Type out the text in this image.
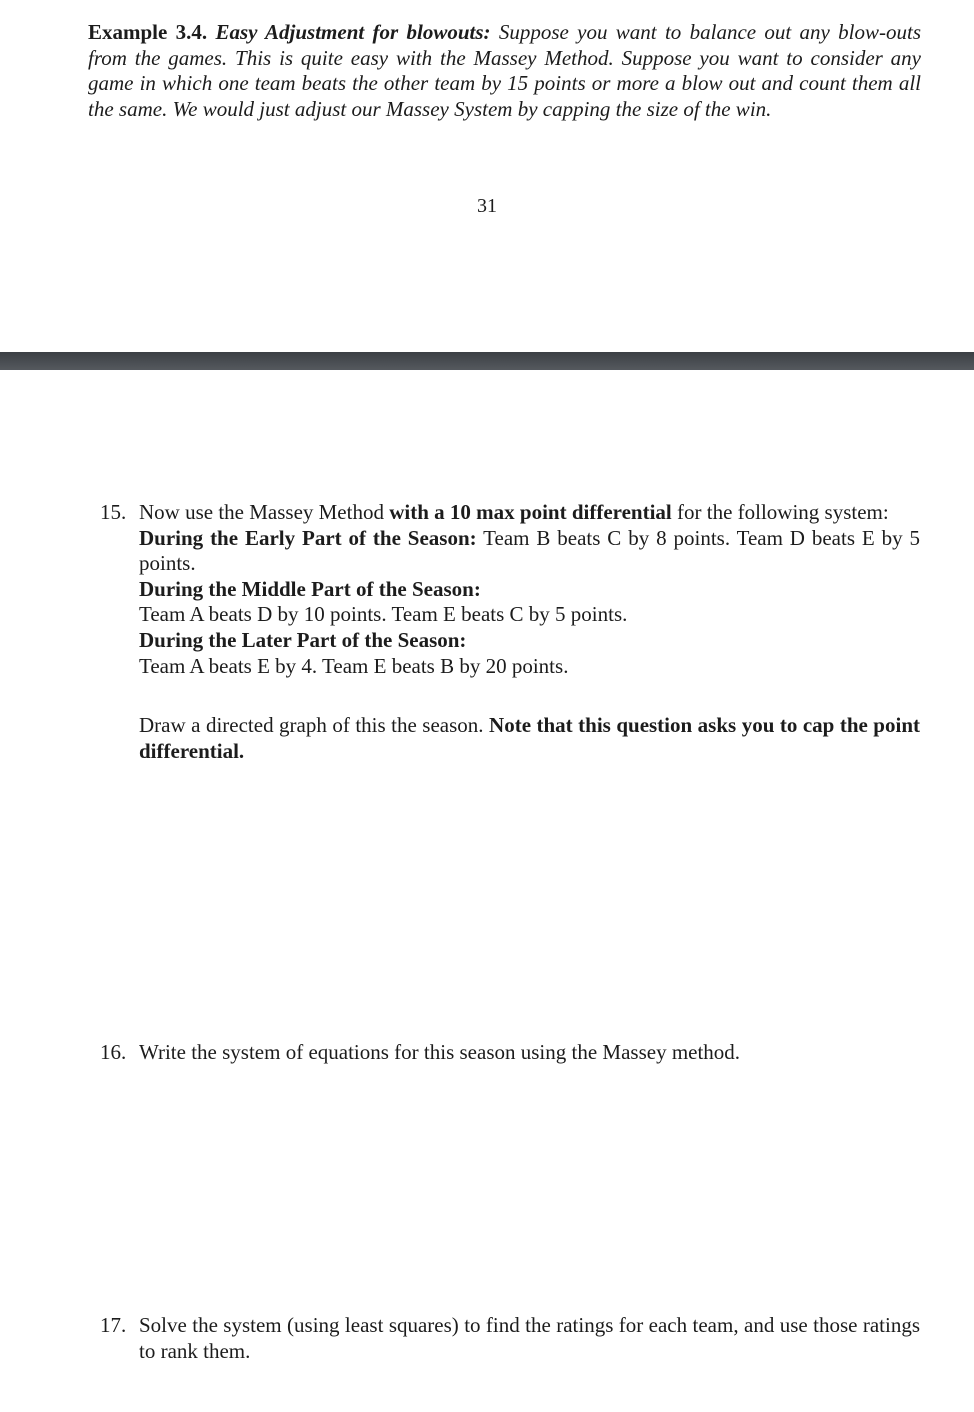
Example 3.4. Easy Adjustment for blowouts: Suppose you want to balance out any blow-outs from the games. This is quite easy with the Massey Method. Suppose you want to consider any game in which one team beats the other team by 15 points or more a blow out and count them all the same. We would just adjust our Massey System by capping the size of the win.
31
15. Now use the Massey Method with a 10 max point differential for the following system:
During the Early Part of the Season: Team B beats C by 8 points. Team D beats E by 5 points.
During the Middle Part of the Season:
Team A beats D by 10 points. Team E beats C by 5 points.
During the Later Part of the Season:
Team A beats E by 4. Team E beats B by 20 points.
Draw a directed graph of this the season. Note that this question asks you to cap the point differential.
16. Write the system of equations for this season using the Massey method.
17. Solve the system (using least squares) to find the ratings for each team, and use those ratings to rank them.
